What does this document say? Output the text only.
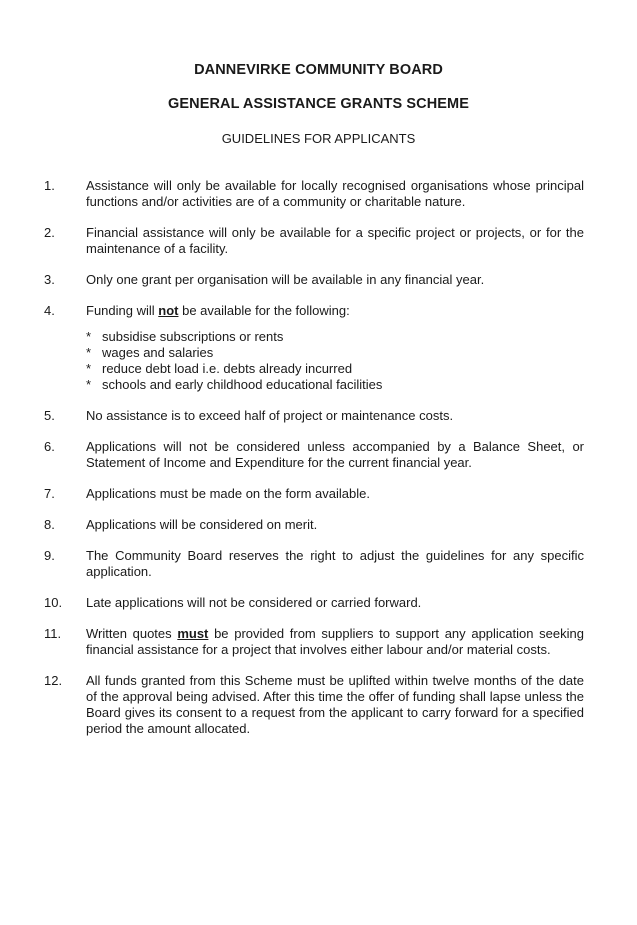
DANNEVIRKE COMMUNITY BOARD
GENERAL ASSISTANCE GRANTS SCHEME
GUIDELINES FOR APPLICANTS
1.	Assistance will only be available for locally recognised organisations whose principal functions and/or activities are of a community or charitable nature.
2.	Financial assistance will only be available for a specific project or projects, or for the maintenance of a facility.
3.	Only one grant per organisation will be available in any financial year.
4.	Funding will not be available for the following:
* subsidise subscriptions or rents
* wages and salaries
* reduce debt load i.e. debts already incurred
* schools and early childhood educational facilities
5.	No assistance is to exceed half of project or maintenance costs.
6.	Applications will not be considered unless accompanied by a Balance Sheet, or Statement of Income and Expenditure for the current financial year.
7.	Applications must be made on the form available.
8.	Applications will be considered on merit.
9.	The Community Board reserves the right to adjust the guidelines for any specific application.
10.	Late applications will not be considered or carried forward.
11.	Written quotes must be provided from suppliers to support any application seeking financial assistance for a project that involves either labour and/or material costs.
12.	All funds granted from this Scheme must be uplifted within twelve months of the date of the approval being advised. After this time the offer of funding shall lapse unless the Board gives its consent to a request from the applicant to carry forward for a specified period the amount allocated.
